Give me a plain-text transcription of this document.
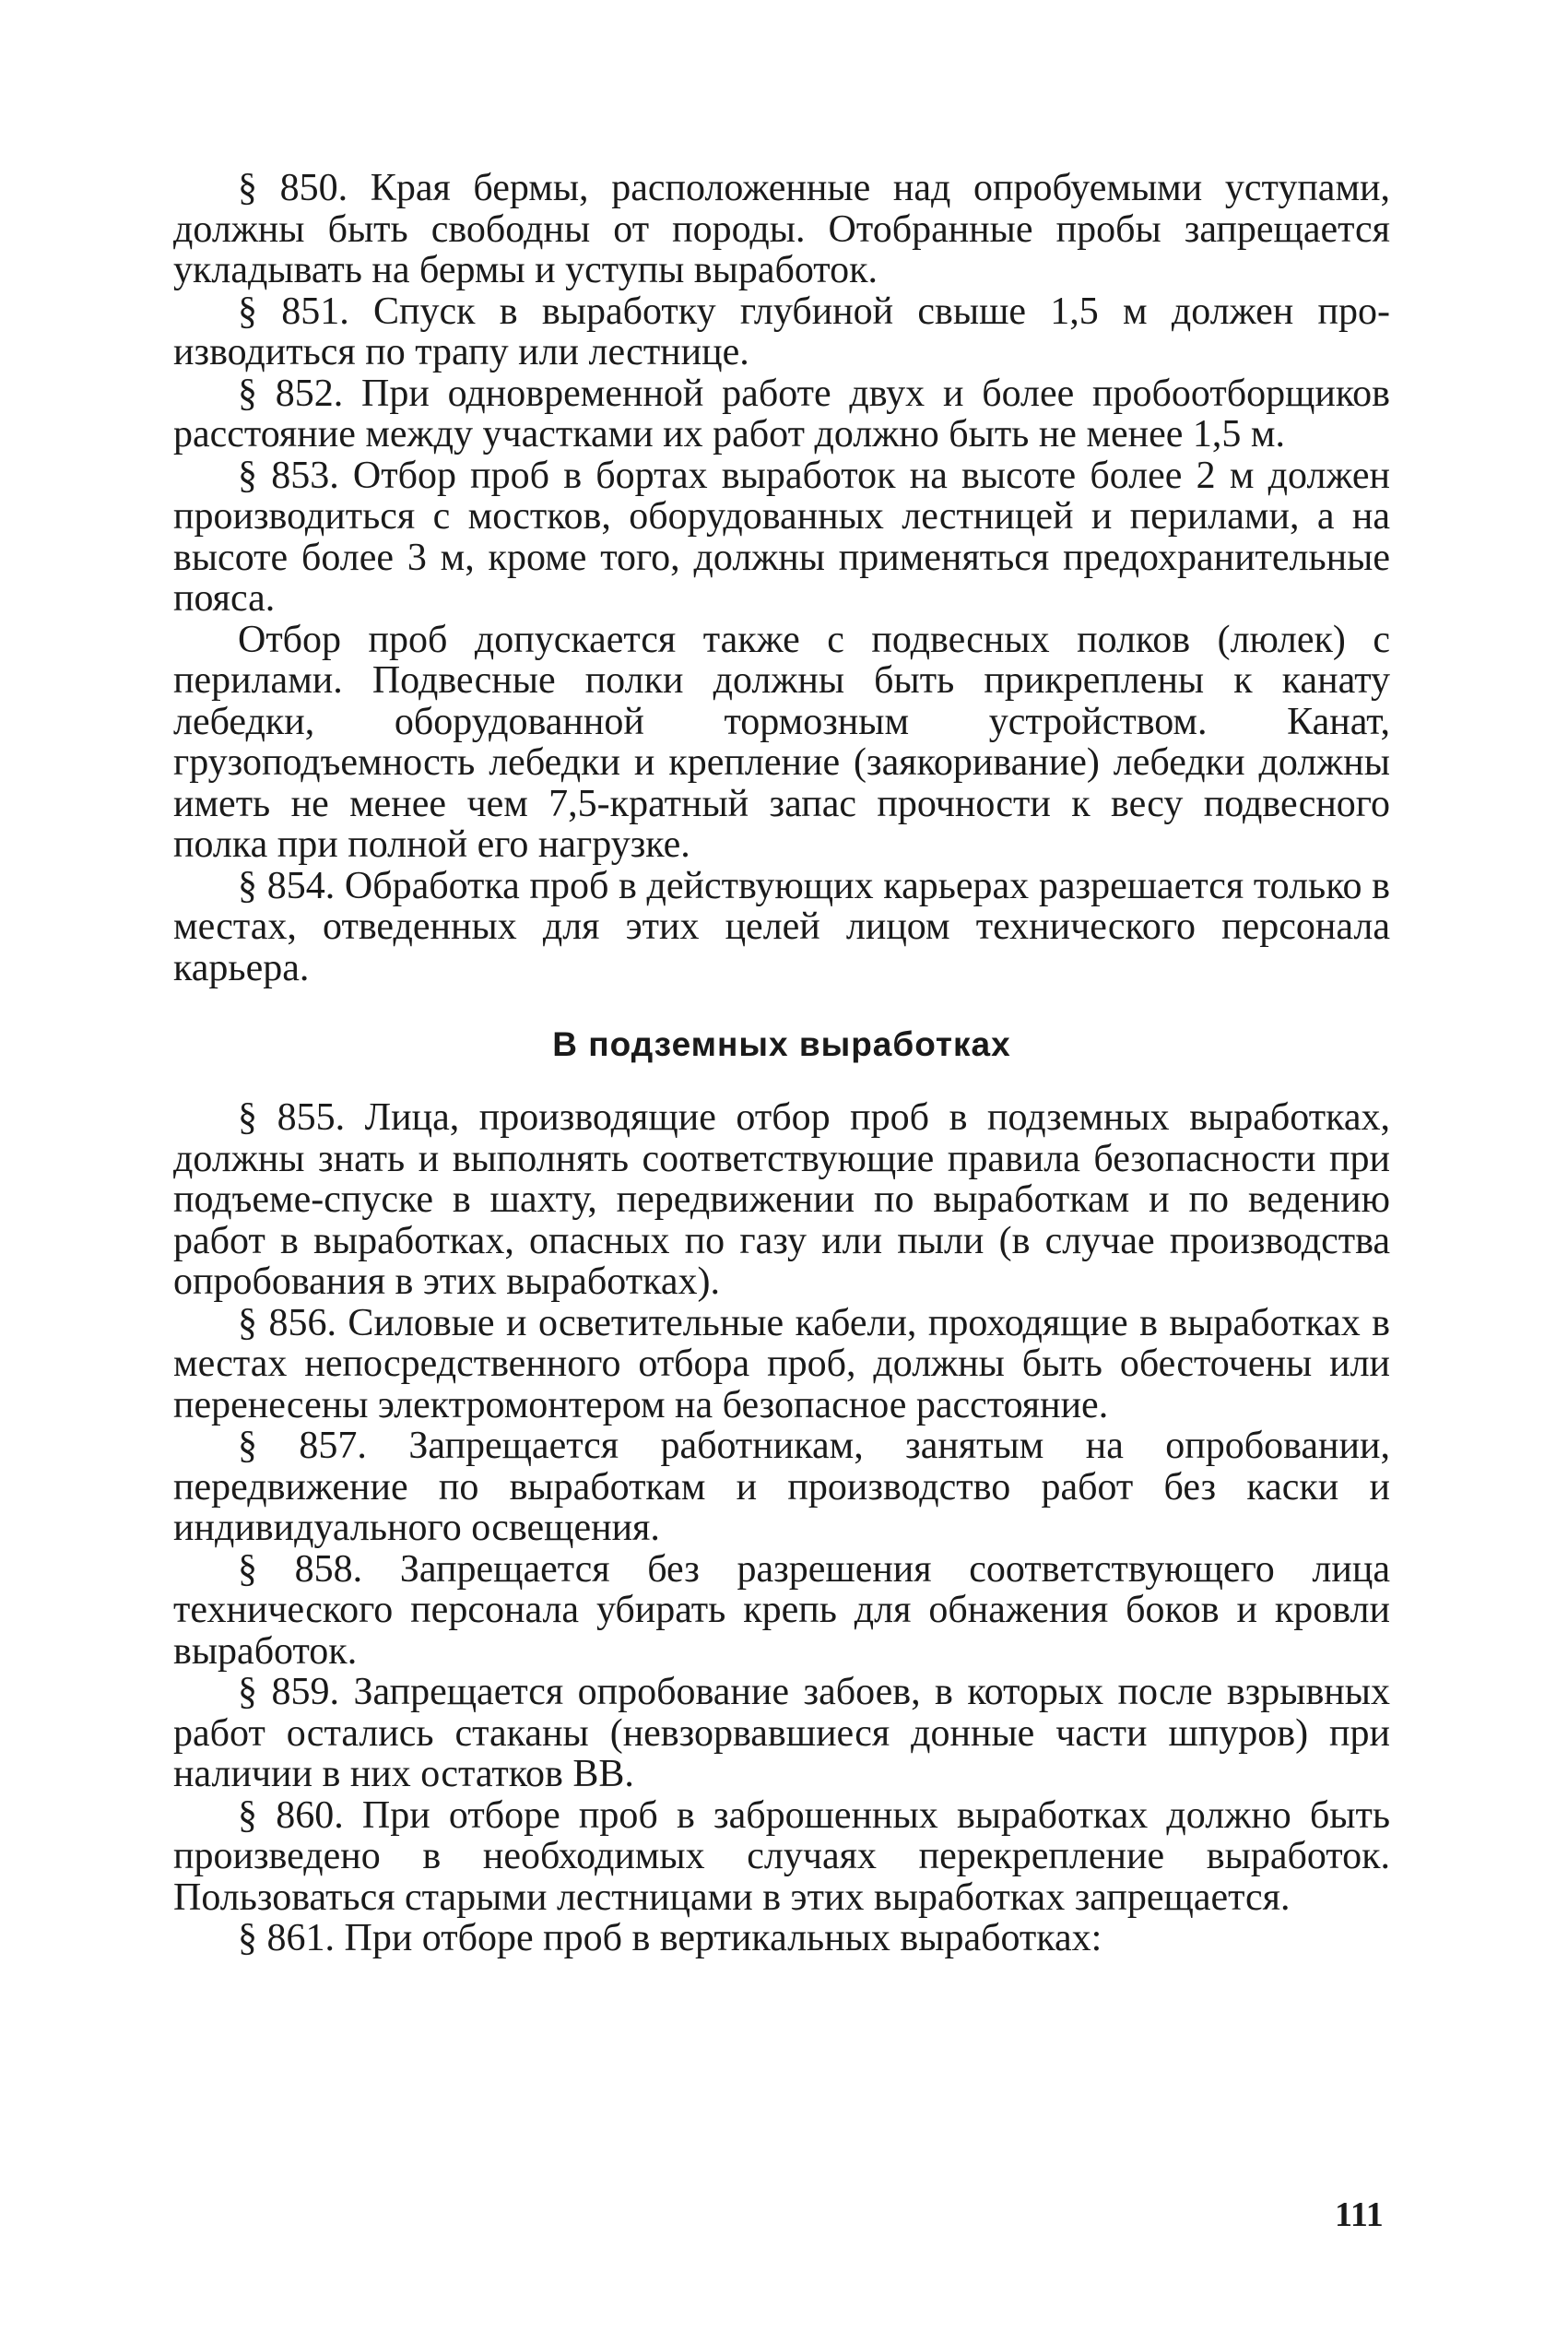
§ 850. Края бермы, расположенные над опробуемыми уступами, должны быть свободны от породы. Отобранные пробы запрещается укладывать на бермы и уступы выработок.

§ 851. Спуск в выработку глубиной свыше 1,5 м должен производиться по трапу или лестнице.

§ 852. При одновременной работе двух и более пробоотборщиков расстояние между участками их работ должно быть не менее 1,5 м.

§ 853. Отбор проб в бортах выработок на высоте более 2 м должен производиться с мостков, оборудованных лестницей и перилами, а на высоте более 3 м, кроме того, должны применяться предохранительные пояса.

Отбор проб допускается также с подвесных полков (люлек) с перилами. Подвесные полки должны быть прикреплены к канату лебедки, оборудованной тормозным устройством. Канат, грузоподъемность лебедки и крепление (заякоривание) лебедки должны иметь не менее чем 7,5-кратный запас прочности к весу подвесного полка при полной его нагрузке.

§ 854. Обработка проб в действующих карьерах разрешается только в местах, отведенных для этих целей лицом технического персонала карьера.

В подземных выработках

§ 855. Лица, производящие отбор проб в подземных выработках, должны знать и выполнять соответствующие правила безопасности при подъеме-спуске в шахту, передвижении по выработкам и по ведению работ в выработках, опасных по газу или пыли (в случае производства опробования в этих выработках).

§ 856. Силовые и осветительные кабели, проходящие в выработках в местах непосредственного отбора проб, должны быть обесточены или перенесены электромонтером на безопасное расстояние.

§ 857. Запрещается работникам, занятым на опробовании, передвижение по выработкам и производство работ без каски и индивидуального освещения.

§ 858. Запрещается без разрешения соответствующего лица технического персонала убирать крепь для обнажения боков и кровли выработок.

§ 859. Запрещается опробование забоев, в которых после взрывных работ остались стаканы (невзорвавшиеся донные части шпуров) при наличии в них остатков ВВ.

§ 860. При отборе проб в заброшенных выработках должно быть произведено в необходимых случаях перекрепление выработок. Пользоваться старыми лестницами в этих выработках запрещается.

§ 861. При отборе проб в вертикальных выработках:

111
